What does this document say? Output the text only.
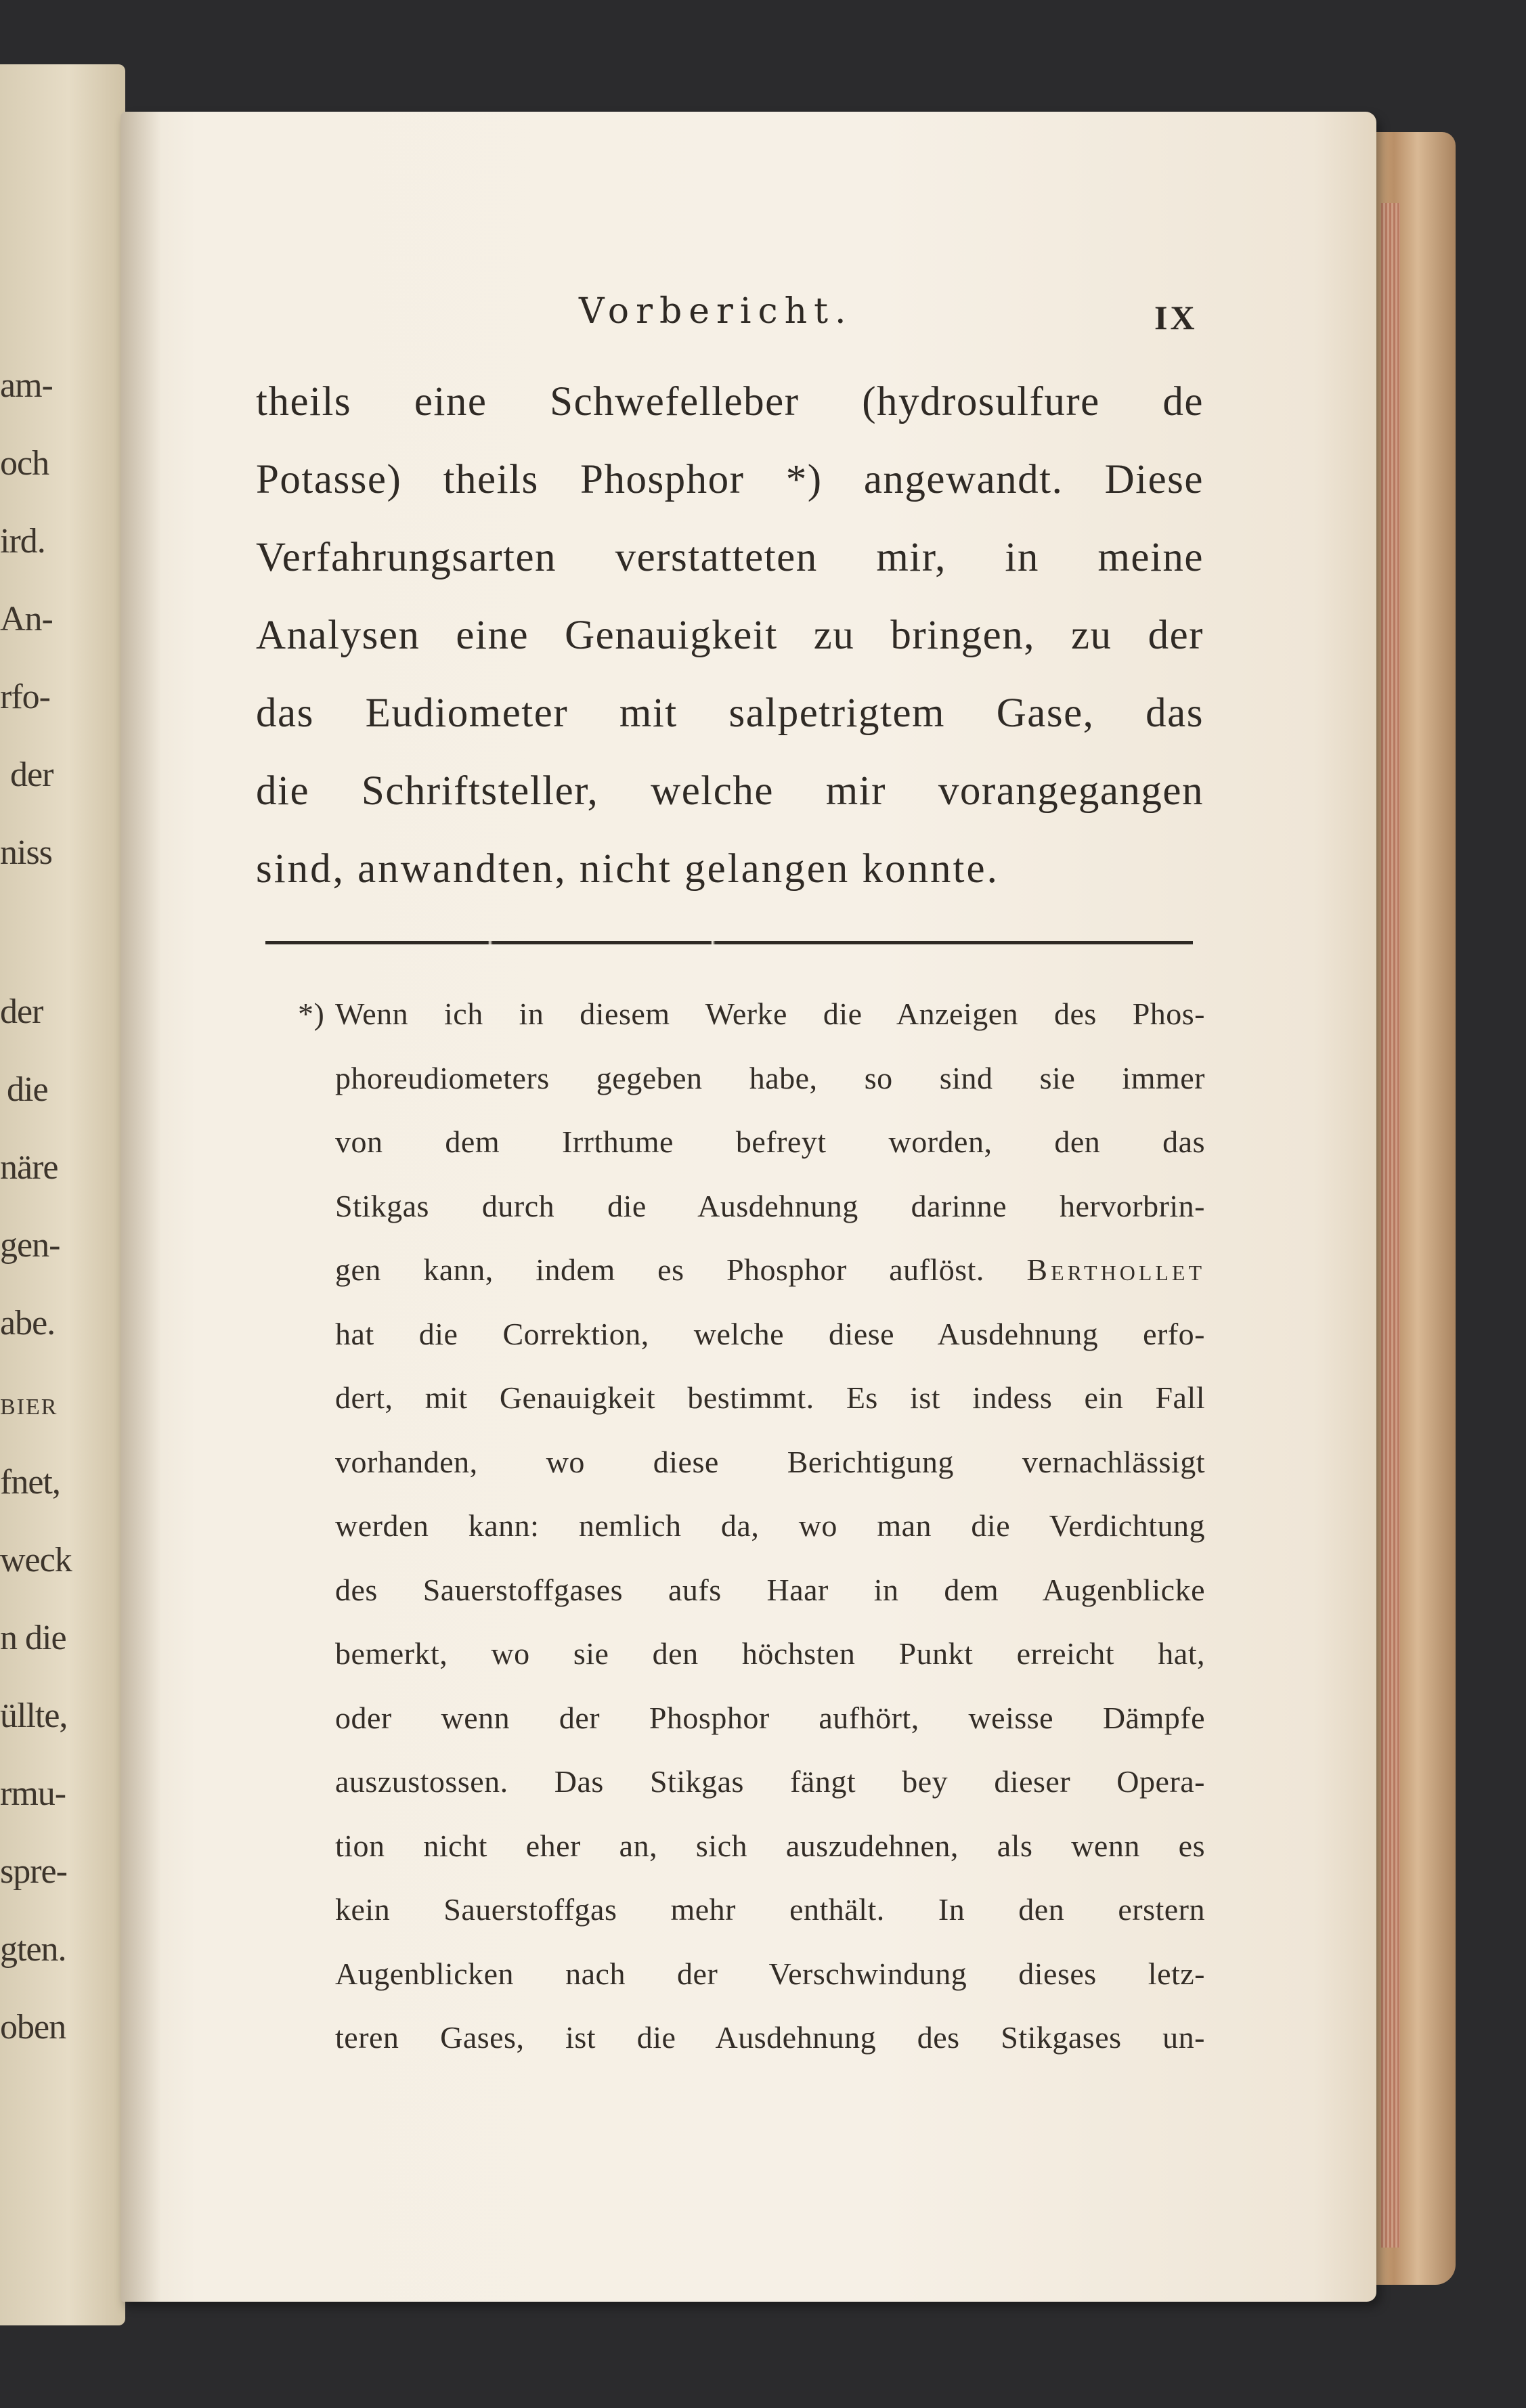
am-
och
ird.
An-
rfo-
der
niss
der
die
näre
gen-
abe.
BIER
fnet,
weck
n die
üllte,
rmu-
spre-
gten.
oben
Vorbericht.	IX
theils eine Schwefelleber (hydrosulfure de
Potasse) theils Phosphor *) angewandt. Diese
Verfahrungsarten verstatteten mir, in meine
Analysen eine Genauigkeit zu bringen, zu der
das Eudiometer mit salpetrigtem Gase, das
die Schriftsteller, welche mir vorangegangen
sind, anwandten, nicht gelangen konnte.
*) Wenn ich in diesem Werke die Anzeigen des Phos-
phoreudiometers gegeben habe, so sind sie immer
von dem Irrthume befreyt worden, den das
Stikgas durch die Ausdehnung darinne hervorbrin-
gen kann, indem es Phosphor auflöst. Berthollet
hat die Correktion, welche diese Ausdehnung erfo-
dert, mit Genauigkeit bestimmt. Es ist indess ein Fall
vorhanden, wo diese Berichtigung vernachlässigt
werden kann: nemlich da, wo man die Verdichtung
des Sauerstoffgases aufs Haar in dem Augenblicke
bemerkt, wo sie den höchsten Punkt erreicht hat,
oder wenn der Phosphor aufhört, weisse Dämpfe
auszustossen. Das Stikgas fängt bey dieser Opera-
tion nicht eher an, sich auszudehnen, als wenn es
kein Sauerstoffgas mehr enthält. In den erstern
Augenblicken nach der Verschwindung dieses letz-
teren Gases, ist die Ausdehnung des Stikgases un-
